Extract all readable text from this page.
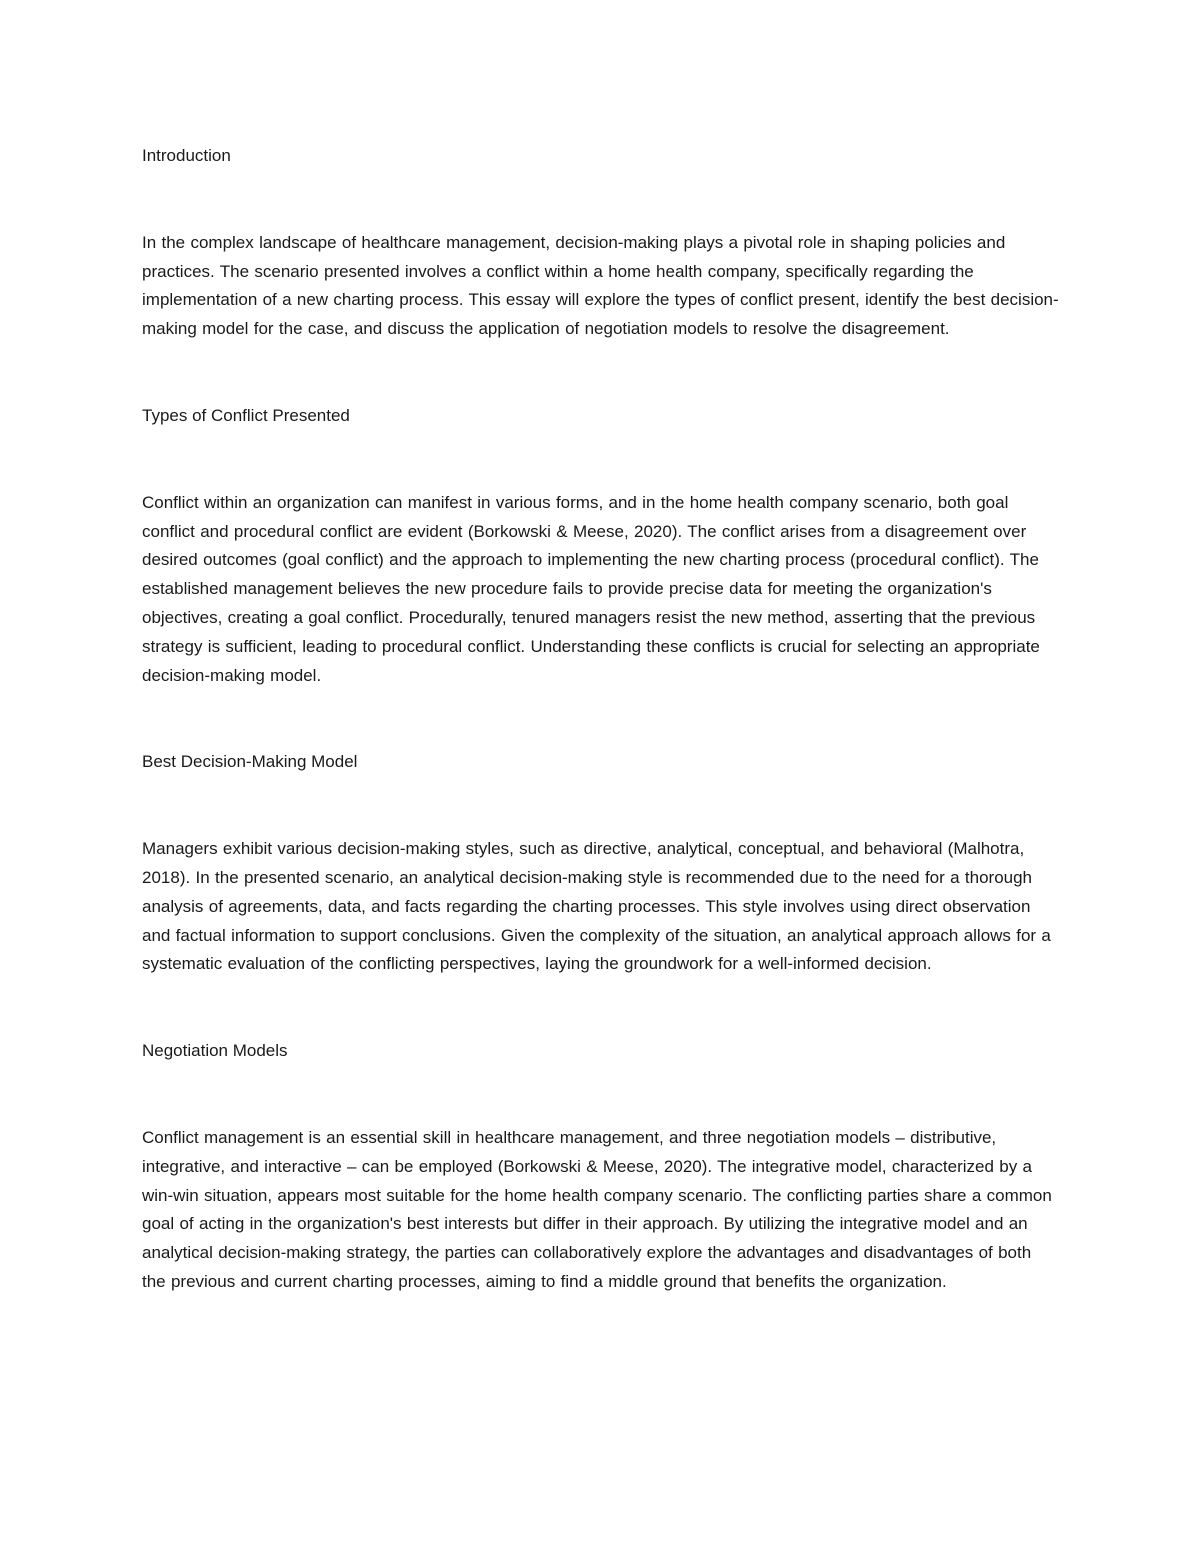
Introduction

In the complex landscape of healthcare management, decision-making plays a pivotal role in shaping policies and practices. The scenario presented involves a conflict within a home health company, specifically regarding the implementation of a new charting process. This essay will explore the types of conflict present, identify the best decision-making model for the case, and discuss the application of negotiation models to resolve the disagreement.

Types of Conflict Presented

Conflict within an organization can manifest in various forms, and in the home health company scenario, both goal conflict and procedural conflict are evident (Borkowski & Meese, 2020). The conflict arises from a disagreement over desired outcomes (goal conflict) and the approach to implementing the new charting process (procedural conflict). The established management believes the new procedure fails to provide precise data for meeting the organization's objectives, creating a goal conflict. Procedurally, tenured managers resist the new method, asserting that the previous strategy is sufficient, leading to procedural conflict. Understanding these conflicts is crucial for selecting an appropriate decision-making model.

Best Decision-Making Model

Managers exhibit various decision-making styles, such as directive, analytical, conceptual, and behavioral (Malhotra, 2018). In the presented scenario, an analytical decision-making style is recommended due to the need for a thorough analysis of agreements, data, and facts regarding the charting processes. This style involves using direct observation and factual information to support conclusions. Given the complexity of the situation, an analytical approach allows for a systematic evaluation of the conflicting perspectives, laying the groundwork for a well-informed decision.

Negotiation Models

Conflict management is an essential skill in healthcare management, and three negotiation models – distributive, integrative, and interactive – can be employed (Borkowski & Meese, 2020). The integrative model, characterized by a win-win situation, appears most suitable for the home health company scenario. The conflicting parties share a common goal of acting in the organization's best interests but differ in their approach. By utilizing the integrative model and an analytical decision-making strategy, the parties can collaboratively explore the advantages and disadvantages of both the previous and current charting processes, aiming to find a middle ground that benefits the organization.
